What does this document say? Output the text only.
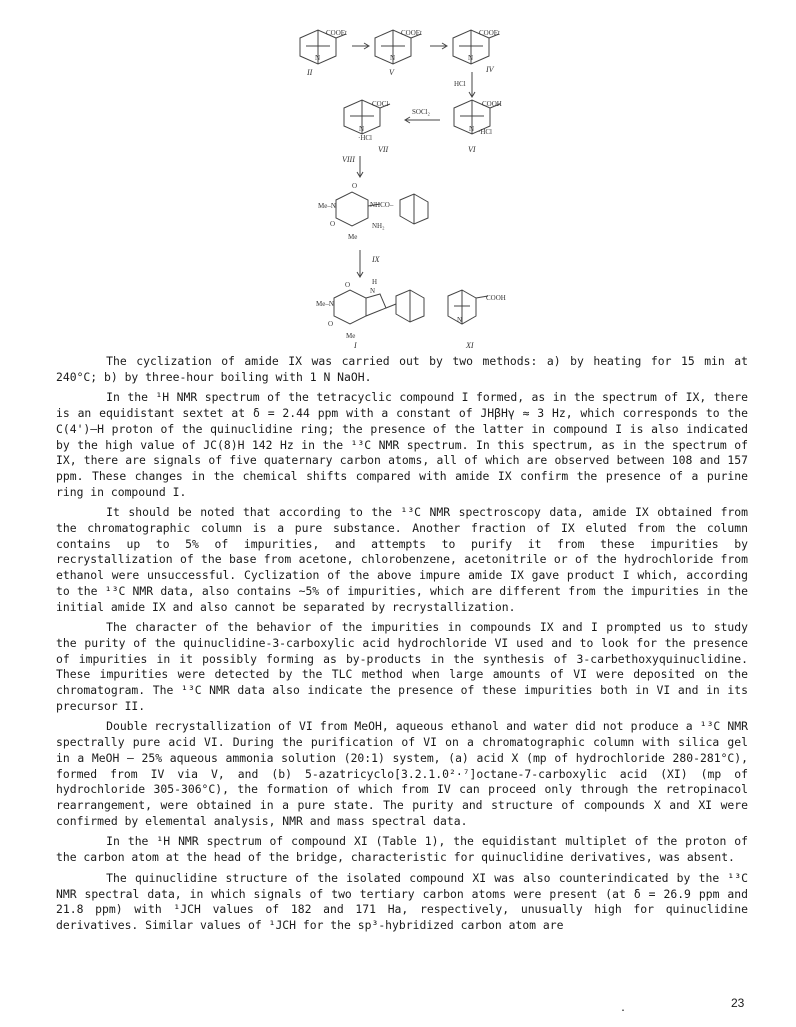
COOEt
N
II
COOEt
N
V
COOEt
N
IV
HCl
COOH
N ·HCl
VI
SOCl₂
COCl
N
·HCl
VII
VIII
O
Me–N	NHCO–
O	NH₂
Me
IX
H
N
O
Me–N
O
Me
I
COOH
N
XI

The cyclization of amide IX was carried out by two methods: a) by heating for 15 min at 240°C; b) by three-hour boiling with 1 N NaOH.

In the ¹H NMR spectrum of the tetracyclic compound I formed, as in the spectrum of IX, there is an equidistant sextet at δ = 2.44 ppm with a constant of JHβHγ ≈ 3 Hz, which corresponds to the C(4')–H proton of the quinuclidine ring; the presence of the latter in compound I is also indicated by the high value of JC(8)H 142 Hz in the ¹³C NMR spectrum. In this spectrum, as in the spectrum of IX, there are signals of five quaternary carbon atoms, all of which are observed between 108 and 157 ppm. These changes in the chemical shifts compared with amide IX confirm the presence of a purine ring in compound I.

It should be noted that according to the ¹³C NMR spectroscopy data, amide IX obtained from the chromatographic column is a pure substance. Another fraction of IX eluted from the column contains up to 5% of impurities, and attempts to purify it from these impurities by recrystallization of the base from acetone, chlorobenzene, acetonitrile or of the hydrochloride from ethanol were unsuccessful. Cyclization of the above impure amide IX gave product I which, according to the ¹³C NMR data, also contains ~5% of impurities, which are different from the impurities in the initial amide IX and also cannot be separated by recrystallization.

The character of the behavior of the impurities in compounds IX and I prompted us to study the purity of the quinuclidine-3-carboxylic acid hydrochloride VI used and to look for the presence of impurities in it possibly forming as by-products in the synthesis of 3-carbethoxyquinuclidine. These impurities were detected by the TLC method when large amounts of VI were deposited on the chromatogram. The ¹³C NMR data also indicate the presence of these impurities both in VI and in its precursor II.

Double recrystallization of VI from MeOH, aqueous ethanol and water did not produce a ¹³C NMR spectrally pure acid VI. During the purification of VI on a chromatographic column with silica gel in a MeOH — 25% aqueous ammonia solution (20:1) system, (a) acid X (mp of hydrochloride 280-281°C), formed from IV via V, and (b) 5-azatricyclo[3.2.1.0²·⁷]octane-7-carboxylic acid (XI) (mp of hydrochloride 305-306°C), the formation of which from IV can proceed only through the retropinacol rearrangement, were obtained in a pure state. The purity and structure of compounds X and XI were confirmed by elemental analysis, NMR and mass spectral data.

In the ¹H NMR spectrum of compound XI (Table 1), the equidistant multiplet of the proton of the carbon atom at the head of the bridge, characteristic for quinuclidine derivatives, was absent.

The quinuclidine structure of the isolated compound XI was also counterindicated by the ¹³C NMR spectral data, in which signals of two tertiary carbon atoms were present (at δ = 26.9 ppm and 21.8 ppm) with ¹JCH values of 182 and 171 Ha, respectively, unusually high for quinuclidine derivatives. Similar values of ¹JCH for the sp³-hybridized carbon atom are

.	23
